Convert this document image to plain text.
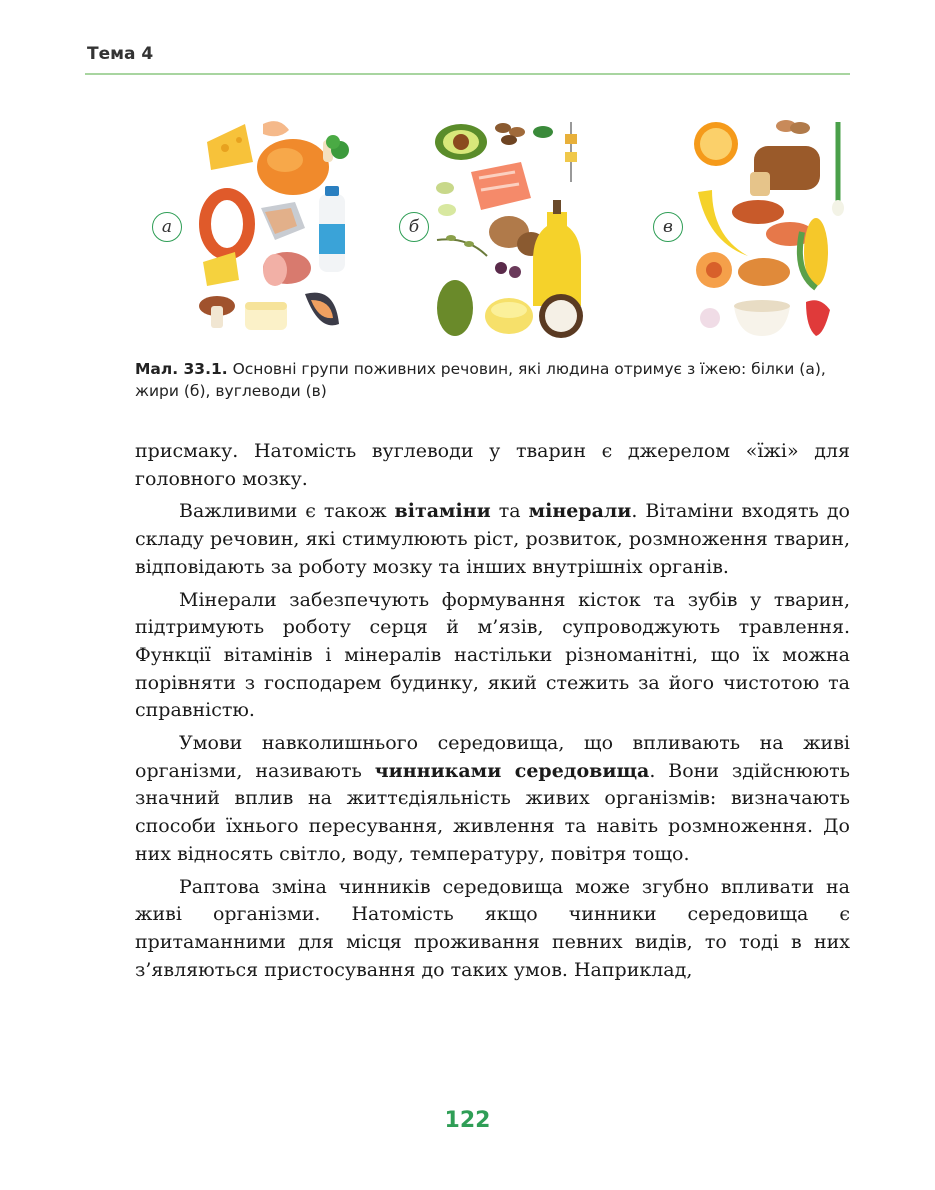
Тема 4
а	б	в
Мал. 33.1. Основні групи поживних речовин, які людина отримує з їжею: білки (а), жири (б), вуглеводи (в)

присмаку. Натомість вуглеводи у тварин є джерелом «їжі» для головного мозку.

Важливими є також вітаміни та мінерали. Вітаміни входять до складу речовин, які стимулюють ріст, розвиток, розмноження тварин, відповідають за роботу мозку та інших внутрішніх органів.

Мінерали забезпечують формування кісток та зубів у тварин, підтримують роботу серця й м’язів, супроводжують травлення. Функції вітамінів і мінералів настільки різноманітні, що їх можна порівняти з господарем будинку, який стежить за його чистотою та справністю.

Умови навколишнього середовища, що впливають на живі організми, називають чинниками середовища. Вони здійснюють значний вплив на життєдіяльність живих організмів: визначають способи їхнього пересування, живлення та навіть розмноження. До них відносять світло, воду, температуру, повітря тощо.

Раптова зміна чинників середовища може згубно впливати на живі організми. Натомість якщо чинники середовища є притаманними для місця проживання певних видів, то тоді в них з’являються пристосування до таких умов. Наприклад,

122
